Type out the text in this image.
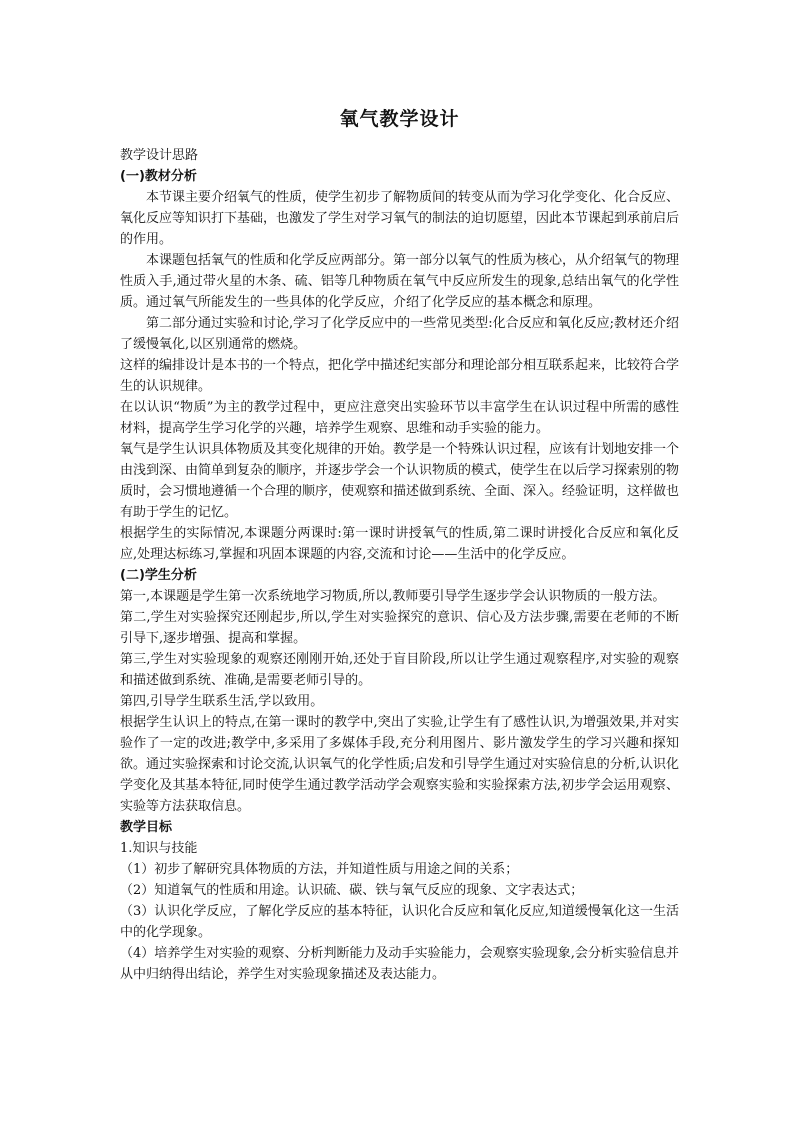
氧气教学设计

教学设计思路

(一)教材分析

本节课主要介绍氧气的性质，使学生初步了解物质间的转变从而为学习化学变化、化合反应、氧化反应等知识打下基础，也激发了学生对学习氧气的制法的迫切愿望，因此本节课起到承前启后的作用。

本课题包括氧气的性质和化学反应两部分。第一部分以氧气的性质为核心，从介绍氧气的物理性质入手,通过带火星的木条、硫、铝等几种物质在氧气中反应所发生的现象,总结出氧气的化学性质。通过氧气所能发生的一些具体的化学反应，介绍了化学反应的基本概念和原理。

第二部分通过实验和讨论,学习了化学反应中的一些常见类型:化合反应和氧化反应;教材还介绍了缓慢氧化,以区别通常的燃烧。

这样的编排设计是本书的一个特点，把化学中描述纪实部分和理论部分相互联系起来，比较符合学生的认识规律。

在以认识“物质”为主的教学过程中，更应注意突出实验环节以丰富学生在认识过程中所需的感性材料，提高学生学习化学的兴趣，培养学生观察、思维和动手实验的能力。

氧气是学生认识具体物质及其变化规律的开始。教学是一个特殊认识过程，应该有计划地安排一个由浅到深、由简单到复杂的顺序，并逐步学会一个认识物质的模式，使学生在以后学习探索别的物质时，会习惯地遵循一个合理的顺序，使观察和描述做到系统、全面、深入。经验证明，这样做也有助于学生的记忆。

根据学生的实际情况,本课题分两课时:第一课时讲授氧气的性质,第二课时讲授化合反应和氧化反应,处理达标练习,掌握和巩固本课题的内容,交流和讨论——生活中的化学反应。

(二)学生分析

第一,本课题是学生第一次系统地学习物质,所以,教师要引导学生逐步学会认识物质的一般方法。

第二,学生对实验探究还刚起步,所以,学生对实验探究的意识、信心及方法步骤,需要在老师的不断引导下,逐步增强、提高和掌握。

第三,学生对实验现象的观察还刚刚开始,还处于盲目阶段,所以让学生通过观察程序,对实验的观察和描述做到系统、准确,是需要老师引导的。

第四,引导学生联系生活,学以致用。

根据学生认识上的特点,在第一课时的教学中,突出了实验,让学生有了感性认识,为增强效果,并对实验作了一定的改进;教学中,多采用了多媒体手段,充分利用图片、影片激发学生的学习兴趣和探知欲。通过实验探索和讨论交流,认识氧气的化学性质;启发和引导学生通过对实验信息的分析,认识化学变化及其基本特征,同时使学生通过教学活动学会观察实验和实验探索方法,初步学会运用观察、实验等方法获取信息。

教学目标

1.知识与技能

（1）初步了解研究具体物质的方法，并知道性质与用途之间的关系；

（2）知道氧气的性质和用途。认识硫、碳、铁与氧气反应的现象、文字表达式；

（3）认识化学反应，了解化学反应的基本特征，认识化合反应和氧化反应,知道缓慢氧化这一生活中的化学现象。

（4）培养学生对实验的观察、分析判断能力及动手实验能力，会观察实验现象,会分析实验信息并从中归纳得出结论，养学生对实验现象描述及表达能力。
